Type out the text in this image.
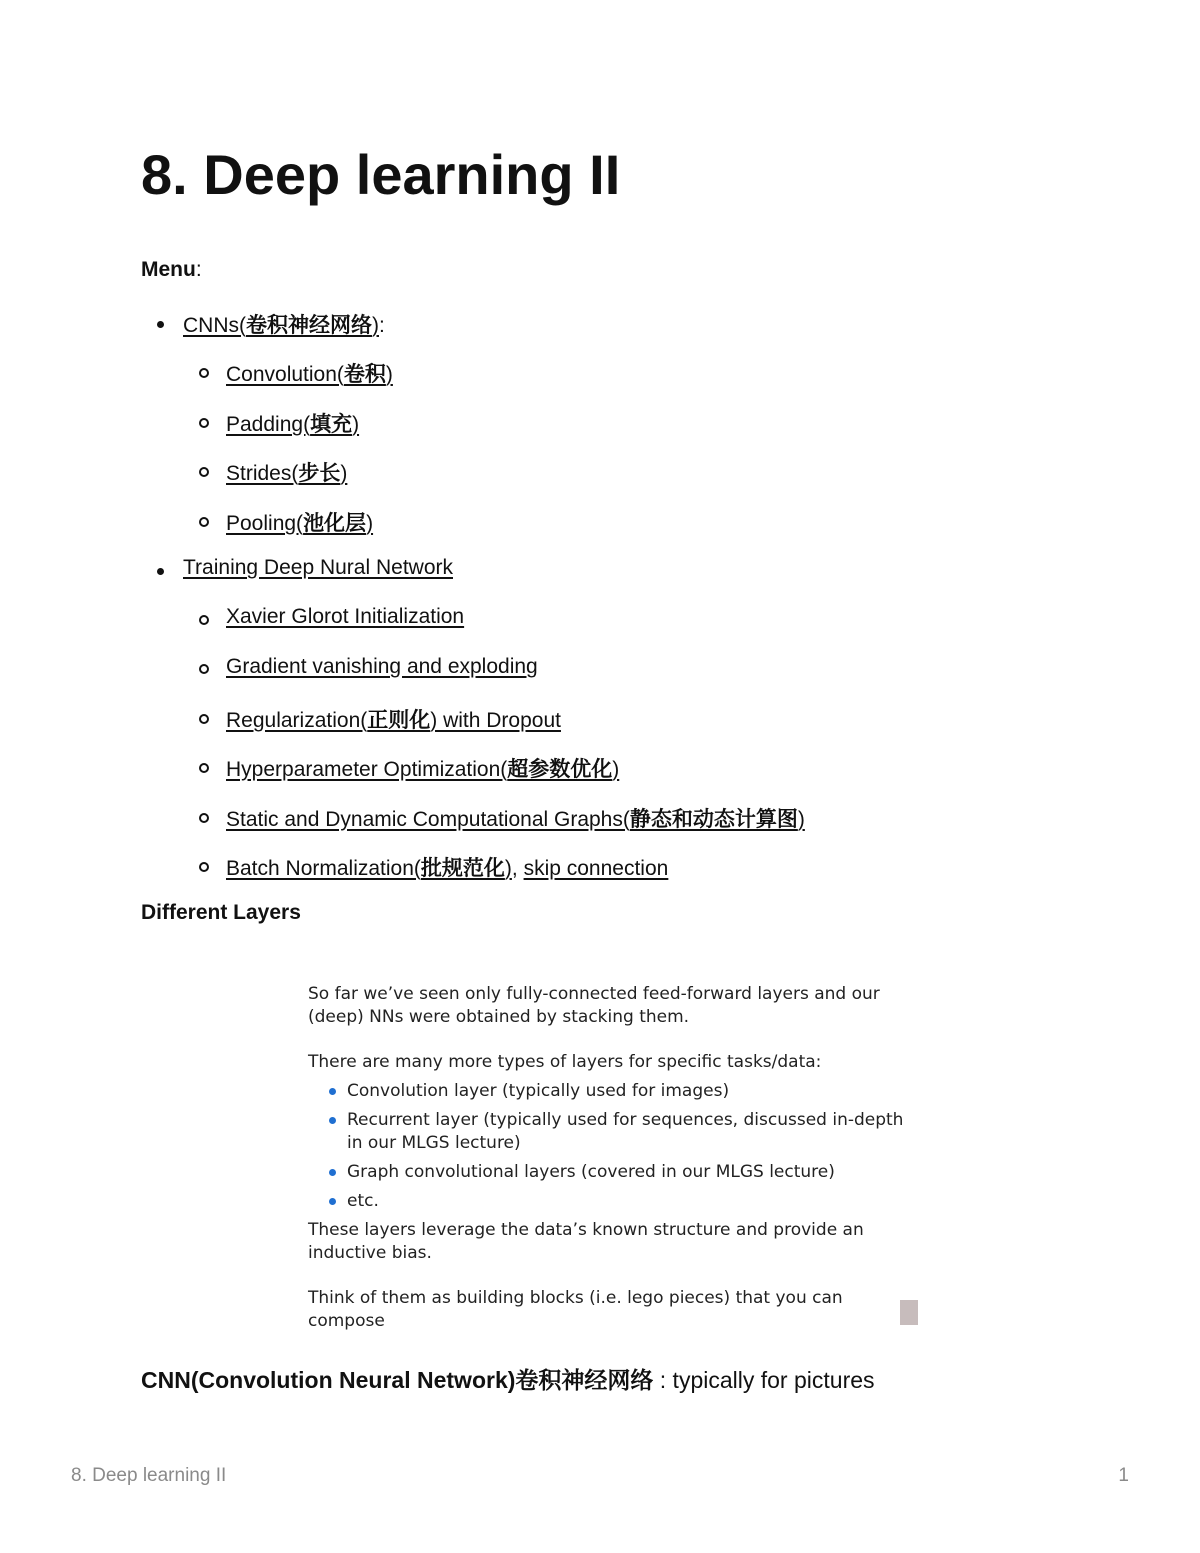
8. Deep learning II
Menu:
CNNs(卷积神经网络):
Convolution(卷积)
Padding(填充)
Strides(步长)
Pooling(池化层)
Training Deep Nural Network
Xavier Glorot Initialization
Gradient vanishing and exploding
Regularization(正则化) with Dropout
Hyperparameter Optimization(超参数优化)
Static and Dynamic Computational Graphs(静态和动态计算图)
Batch Normalization(批规范化), skip connection
Different Layers

So far we’ve seen only fully-connected feed-forward layers and our (deep) NNs were obtained by stacking them.

There are many more types of layers for specific tasks/data:

Convolution layer (typically used for images)
Recurrent layer (typically used for sequences, discussed in-depth in our MLGS lecture)
Graph convolutional layers (covered in our MLGS lecture)
etc.

These layers leverage the data’s known structure and provide an inductive bias.

Think of them as building blocks (i.e. lego pieces) that you can compose

CNN(Convolution Neural Network)卷积神经网络 : typically for pictures
8. Deep learning II	1
